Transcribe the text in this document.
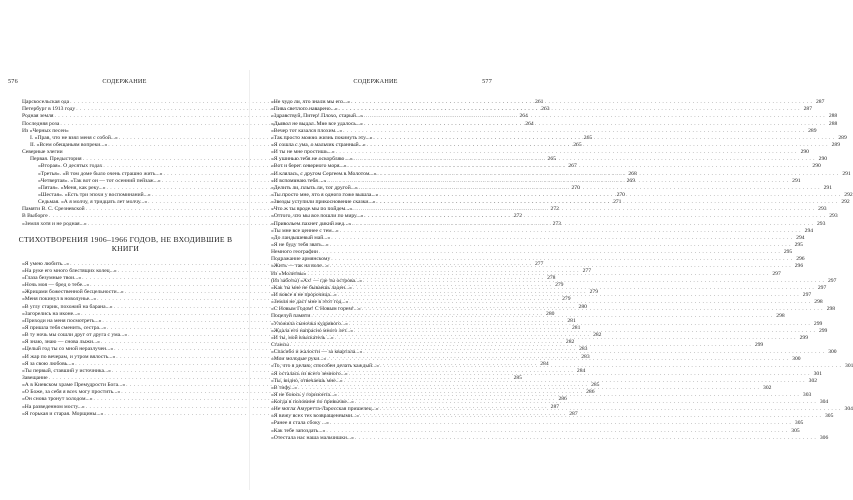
576	СОДЕРЖАНИЕ
Царскосельская ода . . .	261
Петербург в 1913 году . . .	263
Родная земля . . .	264
Последняя роза . . .	264
Из «Черных песен»
I. «Прав, что не взял меня с собой...» . . .	265
II. «Всем обещаньям вопреки...» . . .	265
Северные элегии
Первая. Предыстория . . .	265
«Вторая». О десятых годах . . .	267
«Третья». «В том доме было очень страшно жить...» . . .	268
«Четвертая». «Так вот он — тот осенний пейзаж...» . . .	269
«Пятая». «Меня, как реку...» . . .	270
«Шестая». «Есть три эпохи у воспоминаний...» . . .	270
Седьмая. «А я молчу, я тридцать лет молчу...» . . .	271
Памяти В. С. Срезневской . . .	272
В Выборге . . .	272
«Земля хотя и не родная...» . . .	273
СТИХОТВОРЕНИЯ 1906–1966 ГОДОВ, НЕ ВХОДИВШИЕ В КНИГИ
«Я умею любить...» . . .	277
«На руке его много блестящих колец...» . . .	277
«Глаза безумные твои...» . . .	278
«Ночь моя — бред о тебе...» . . .	279
«Жрицами божественной бесцельности...» . . .	279
«Меня покинул в новолунье...» . . .	279
«В углу старик, похожий на барана...» . . .	280
«Загорелись на иконе...» . . .	280
«Приходи на меня посмотреть...» . . .	281
«Я пришла тебя сменить, сестра...» . . .	281
«В ту ночь мы сошли друг от друга с ума...» . . .	282
«Я знаю, знаю — снова лыжи...» . . .	282
«Целый год ты со мной неразлучен...» . . .	283
«И жар по вечерам, и утром вялость...» . . .	283
«Я за свою любовь...» . . .	284
«Ты первый, ставший у источника...» . . .	284
Завещание . . .	285
«А в Киевском храме Премудрости Бога...» . . .	285
«О Боже, за себя я всех могу простить...» . . .	286
«Он снова тронут холодом...» . . .	286
«На разведенном мосту...» . . .	287
«Я горькая и старая. Морщины...» . . .	287
СОДЕРЖАНИЕ	577
«Не чудо ли, что знали мы его...» . . .	287
«Пива светлого наварено...» . . .	287
«Здравствуй, Питер! Плохо, старый...» . . .	288
«Дьявол не выдал. Мне все удалось...» . . .	288
«Вечер тот казался плохим...» . . .	289
«Так просто можно жизнь покинуть эту...» . . .	289
«Я сошла с ума, о мальчик странный...» . . .	289
«И ты не мне простишь...» . . .	290
«Я ушинью тебя не оскорбляю ...» . . .	290
«Вот и берег северного моря...» . . .	290
«И клялась, с другом Сергеем в Молотом...» . . .	291
«И вспоминаю тебя ...» . . .	291
«Делить ли, плыть ли, тот другой...» . . .	291
«Ты просто мне, что я одного тоже вышла...» . . .	292
«Звезды уступили прикосновение сказки...» . . .	292
«Что ж ты вроде мы по пойдем...» . . .	293
«Оттого, что мы все пошли по миру...» . . .	293
«Привольем пахнет дикий мед...» . . .	293
«Ты мне все ценнее с тем...» . . .	294
«До ландышевый май...» . . .	294
«Я не буду тебя звать...» . . .	295
Немного географии . . .	295
Подражание армянскому . . .	296
«Жить — так на воле...» . . .	296
Из «Молитвы» . . .	297
(Из заботы) «Ах! — где ты острова...» . . .	297
«Как ты мне не бываешь ладен...» . . .	297
«И вовсе я не пророчица...» . . .	297
«Земля не даст мне в этот год...» . . .	298
«С Новым Годом! С Новым горем!...» . . .	298
Поцелуй памяти . . .	298
«Уложила сыночка кудрявого...» . . .	299
«Ждала его напрасно много лет...» . . .	299
«И ты, мой взыскатель ...» . . .	299
Стансы . . .	299
«Спасибо и жалости — за квартала...» . . .	300
«Мои молодые руки...» . . .	300
«То, что я делаю, способен делать каждый...» . . .	301
«Я осталась из всего земного...» . . .	301
«Ты, видно, отвечаешь мне...» . . .	302
«В тифу...» . . .	302
«Я не боюсь у горизонта...» . . .	303
«Когда в половине по привычке...» . . .	304
«Не могла Амуретта-Ларосская пришелец...» . . .	304
«Я вижу всех тех возвращенными...» . . .	305
«Ранее я стала сбоку ...» . . .	305
«Как тебе запоздать...» . . .	305
«Отестала нас наша мальчишки...» . . .	306
